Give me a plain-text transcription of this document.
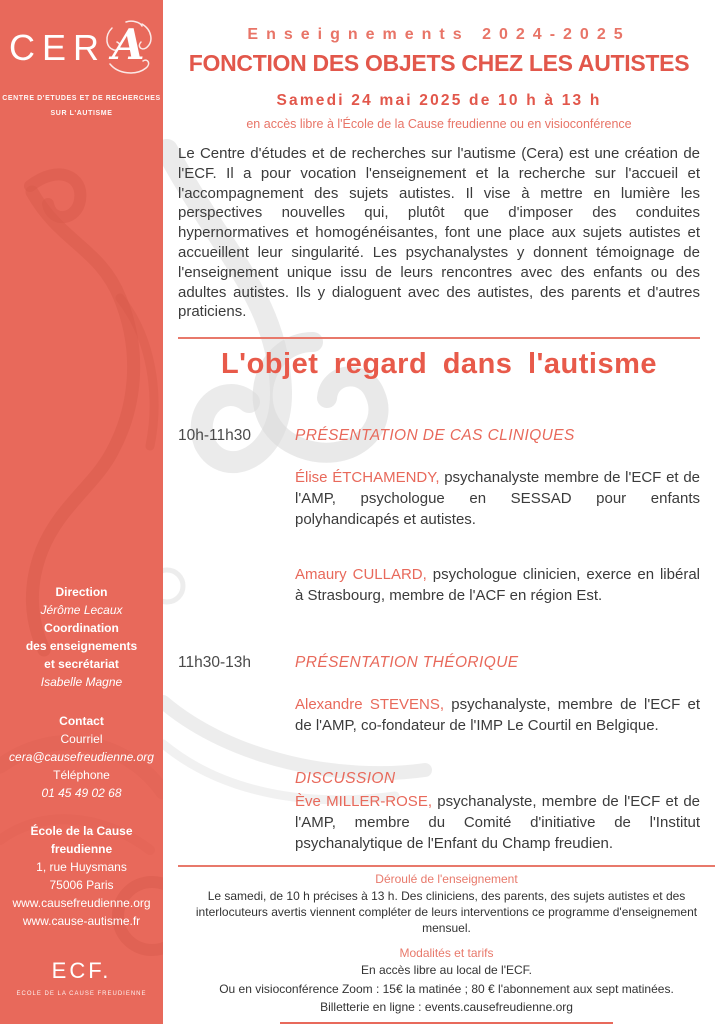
CER A
CENTRE D'ETUDES ET DE RECHERCHES
SUR L'AUTISME
Direction
Jérôme Lecaux
Coordination
des enseignements
et secrétariat
Isabelle Magne
Contact
Courriel
cera@causefreudienne.org
Téléphone
01 45 49 02 68
École de la Cause
freudienne
1, rue Huysmans
75006 Paris
www.causefreudienne.org
www.cause-autisme.fr
ECF.
ÉCOLE DE LA CAUSE FREUDIENNE
Enseignements 2024-2025
FONCTION DES OBJETS CHEZ LES AUTISTES
Samedi 24 mai 2025 de 10 h à 13 h
en accès libre à l'École de la Cause freudienne ou en visioconférence

Le Centre d'études et de recherches sur l'autisme (Cera) est une création de l'ECF. Il a pour vocation l'enseignement et la recherche sur l'accueil et l'accompagnement des sujets autistes. Il vise à mettre en lumière les perspectives nouvelles qui, plutôt que d'imposer des conduites hypernormatives et homogénéisantes, font une place aux sujets autistes et accueillent leur singularité. Les psychanalystes y donnent témoignage de l'enseignement unique issu de leurs rencontres avec des enfants ou des adultes autistes. Ils y dialoguent avec des autistes, des parents et d'autres praticiens.

L'objet regard dans l'autisme
10h-11h30	PRÉSENTATION DE CAS CLINIQUES

Élise ÉTCHAMENDY, psychanalyste membre de l'ECF et de l'AMP, psychologue en SESSAD pour enfants polyhandicapés et autistes.

Amaury CULLARD, psychologue clinicien, exerce en libéral à Strasbourg, membre de l'ACF en région Est.

11h30-13h	PRÉSENTATION THÉORIQUE

Alexandre STEVENS, psychanalyste, membre de l'ECF et de l'AMP, co-fondateur de l'IMP Le Courtil en Belgique.

DISCUSSION

Ève MILLER-ROSE, psychanalyste, membre de l'ECF et de l'AMP, membre du Comité d'initiative de l'Institut psychanalytique de l'Enfant du Champ freudien.

Déroulé de l'enseignement
Le samedi, de 10 h précises à 13 h. Des cliniciens, des parents, des sujets autistes et des interlocuteurs avertis viennent compléter de leurs interventions ce programme d'enseignement mensuel.
Modalités et tarifs
En accès libre au local de l'ECF.
Ou en visioconférence Zoom : 15€ la matinée ; 80 € l'abonnement aux sept matinées.
Billetterie en ligne : events.causefreudienne.org
